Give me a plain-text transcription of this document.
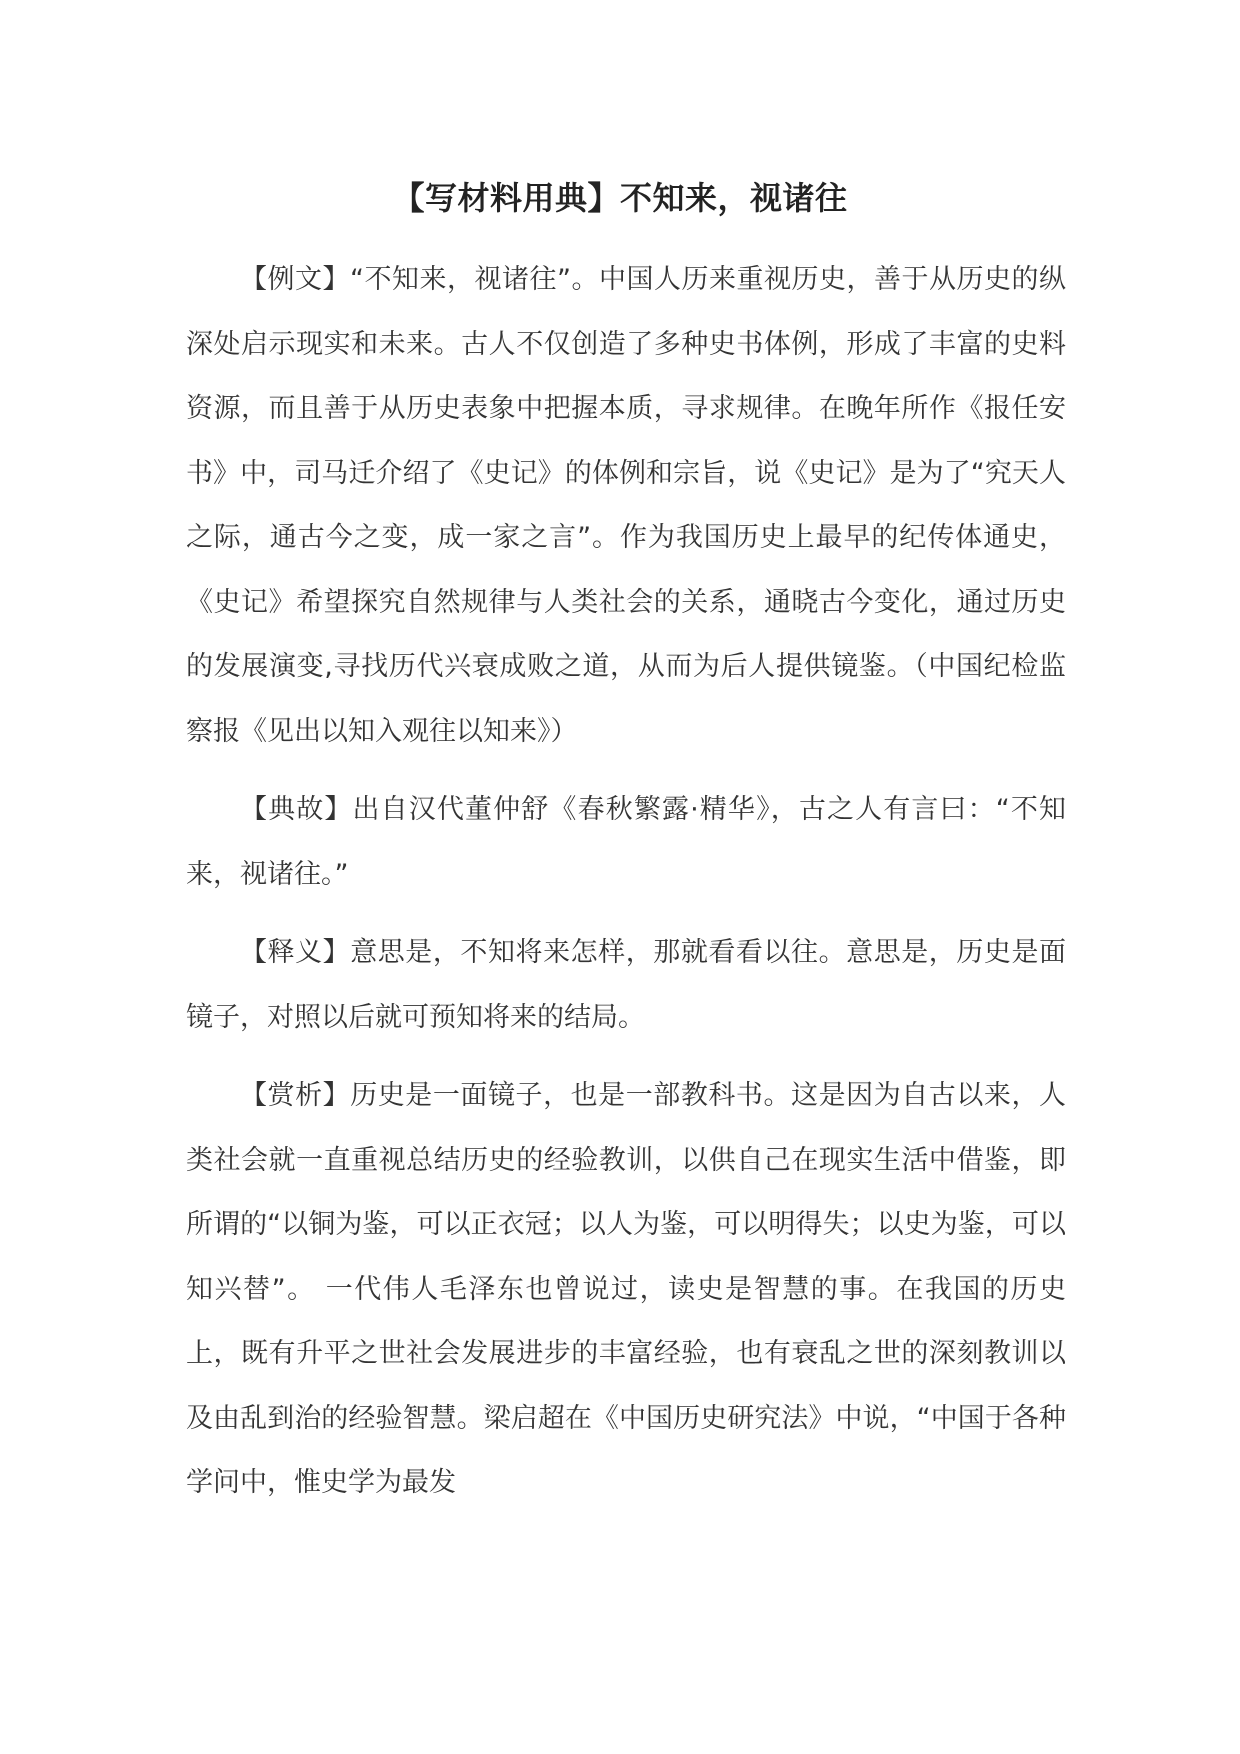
【写材料用典】不知来，视诸往

【例文】“不知来，视诸往”。中国人历来重视历史，善于从历史的纵深处启示现实和未来。古人不仅创造了多种史书体例，形成了丰富的史料资源，而且善于从历史表象中把握本质，寻求规律。在晚年所作《报任安书》中，司马迁介绍了《史记》的体例和宗旨，说《史记》是为了“究天人之际，通古今之变，成一家之言”。作为我国历史上最早的纪传体通史，《史记》希望探究自然规律与人类社会的关系，通晓古今变化，通过历史的发展演变,寻找历代兴衰成败之道，从而为后人提供镜鉴。（中国纪检监察报《见出以知入观往以知来》）

【典故】出自汉代董仲舒《春秋繁露·精华》，古之人有言曰：“不知来，视诸往。”

【释义】意思是，不知将来怎样，那就看看以往。意思是，历史是面镜子，对照以后就可预知将来的结局。

【赏析】历史是一面镜子，也是一部教科书。这是因为自古以来，人类社会就一直重视总结历史的经验教训，以供自己在现实生活中借鉴，即所谓的“以铜为鉴，可以正衣冠；以人为鉴，可以明得失；以史为鉴，可以知兴替”。 一代伟人毛泽东也曾说过，读史是智慧的事。在我国的历史上，既有升平之世社会发展进步的丰富经验，也有衰乱之世的深刻教训以及由乱到治的经验智慧。梁启超在《中国历史研究法》中说，“中国于各种学问中，惟史学为最发
